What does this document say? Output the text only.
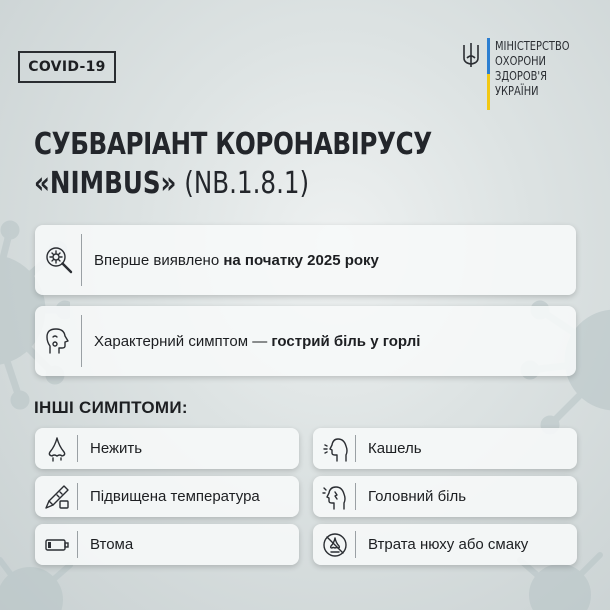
COVID-19
МІНІСТЕРСТВО
ОХОРОНИ
ЗДОРОВ'Я
УКРАЇНИ
СУБВАРІАНТ КОРОНАВІРУСУ
«NIMBUS» (NB.1.8.1)
Вперше виявлено на початку 2025 року
Характерний симптом — гострий біль у горлі
ІНШІ СИМПТОМИ:
Нежить	Кашель
Підвищена температура	Головний біль
Втома	Втрата нюху або смаку
